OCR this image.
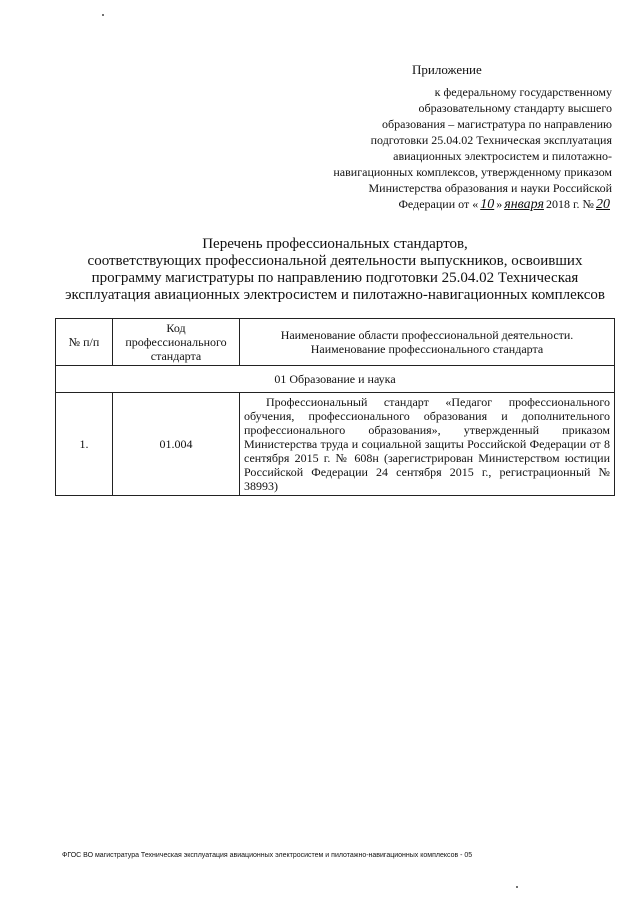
Приложение
к федеральному государственному
образовательному стандарту высшего
образования – магистратура по направлению
подготовки 25.04.02 Техническая эксплуатация
авиационных электросистем и пилотажно-
навигационных комплексов, утвержденному приказом
Министерства образования и науки Российской
Федерации от « 10 » января 2018 г. № 20
Перечень профессиональных стандартов,
соответствующих профессиональной деятельности выпускников, освоивших
программу магистратуры по направлению подготовки 25.04.02 Техническая
эксплуатация авиационных электросистем и пилотажно-навигационных комплексов
№ п/п	Код профессионального стандарта	Наименование области профессиональной деятельности.
Наименование профессионального стандарта
01 Образование и наука		
1.	01.004	Профессиональный стандарт «Педагог профессионального обучения, профессионального образования и дополнительного профессионального образования», утвержденный приказом Министерства труда и социальной защиты Российской Федерации от 8 сентября 2015 г. № 608н (зарегистрирован Министерством юстиции Российской Федерации 24 сентября 2015 г., регистрационный № 38993)
ФГОС ВО магистратура Техническая эксплуатация авиационных электросистем и пилотажно-навигационных комплексов - 05
